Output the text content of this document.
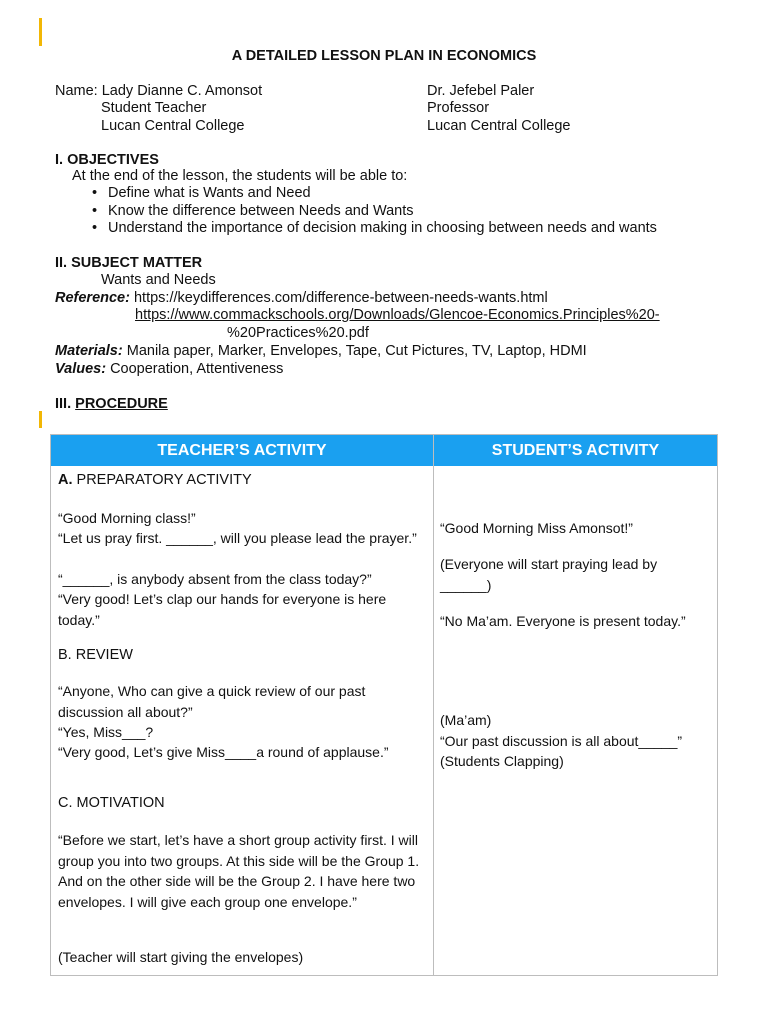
A DETAILED LESSON PLAN IN ECONOMICS
Name: Lady Dianne C. Amonsot
Student Teacher
Lucan Central College
Dr. Jefebel Paler
Professor
Lucan Central College
I. OBJECTIVES
At the end of the lesson, the students will be able to:
• Define what is Wants and Need
• Know the difference between Needs and Wants
• Understand the importance of decision making in choosing between needs and wants
II. SUBJECT MATTER
Wants and Needs
Reference: https://keydifferences.com/difference-between-needs-wants.html
https://www.commackschools.org/Downloads/Glencoe-Economics.Principles%20-
%20Practices%20.pdf
Materials: Manila paper, Marker, Envelopes, Tape, Cut Pictures, TV, Laptop, HDMI
Values: Cooperation, Attentiveness
III. PROCEDURE
TEACHER’S ACTIVITY	STUDENT’S ACTIVITY
A. PREPARATORY ACTIVITY
“Good Morning class!”
“Let us pray first. ______, will you please lead the prayer.”
“______, is anybody absent from the class today?”
“Very good! Let’s clap our hands for everyone is here today.”
“Good Morning Miss Amonsot!”
(Everyone will start praying lead by ______)
“No Ma’am. Everyone is present today.”
B. REVIEW
“Anyone, Who can give a quick review of our past discussion all about?”
“Yes, Miss___?
“Very good, Let’s give Miss____a round of applause.”
(Ma’am)
“Our past discussion is all about_____”
(Students Clapping)
C. MOTIVATION
“Before we start, let’s have a short group activity first. I will group you into two groups. At this side will be the Group 1. And on the other side will be the Group 2. I have here two envelopes. I will give each group one envelope.”
(Teacher will start giving the envelopes)
